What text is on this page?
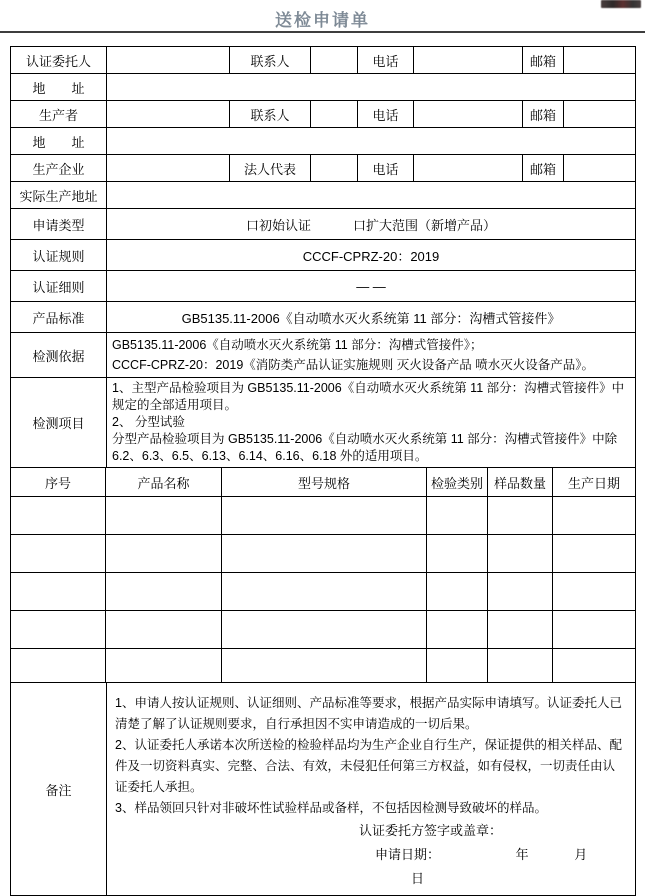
送检申请单
认证委托人		联系人		电话		邮箱	
地　　址							
生产者		联系人		电话		邮箱	
地　　址							
生产企业		法人代表		电话		邮箱	
实际生产地址							
申请类型	口初始认证 口扩大范围（新增产品）
认证规则	CCCF-CPRZ-20：2019
认证细则	— —
产品标准	GB5135.11-2006《自动喷水灭火系统第 11 部分：沟槽式管接件》
检测依据	GB5135.11-2006《自动喷水灭火系统第 11 部分：沟槽式管接件》；
CCCF-CPRZ-20：2019《消防类产品认证实施规则 灭火设备产品 喷水灭火设备产品》。

检测项目	1、主型产品检验项目为 GB5135.11-2006《自动喷水灭火系统第 11 部分：沟槽式管接件》中规定的全部适用项目。
2、 分型试验
分型产品检验项目为 GB5135.11-2006《自动喷水灭火系统第 11 部分：沟槽式管接件》中除 6.2、6.3、6.5、6.13、6.14、6.16、6.18 外的适用项目。
序号	产品名称	型号规格	检验类别	样品数量	生产日期

备注	
1、申请人按认证规则、认证细则、产品标准等要求，根据产品实际申请填写。认证委托人已清楚了解了认证规则要求，自行承担因不实申请造成的一切后果。
2、认证委托人承诺本次所送检的检验样品均为生产企业自行生产，保证提供的相关样品、配件及一切资料真实、完整、合法、有效，未侵犯任何第三方权益，如有侵权，一切责任由认证委托人承担。
3、样品领回只针对非破坏性试验样品或备样，不包括因检测导致破坏的样品。
认证委托方签字或盖章：
申请日期：	年	月 日
